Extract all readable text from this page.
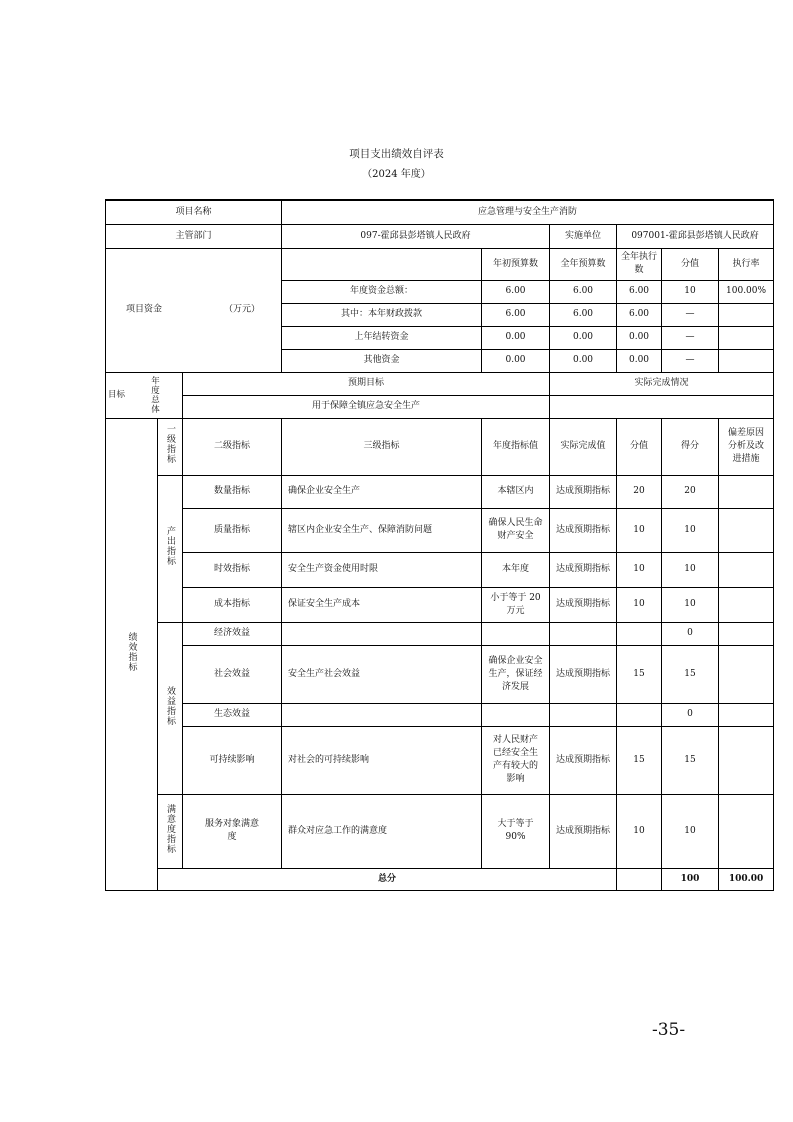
项目支出绩效自评表
（2024 年度）
项目名称			应急管理与安全生产消防						
主管部门			097-霍邱县彭塔镇人民政府		实施单位	097001-霍邱县彭塔镇人民政府			

项目资金 （万元）				年初预算数	全年预算数	全年执行数	分值	执行率	
			年度资金总额：	6.00	6.00	6.00	10	100.00%	
			其中：本年财政拨款	6.00	6.00	6.00	—		
			上年结转资金	0.00	0.00	0.00	—		
			其他资金	0.00	0.00	0.00	—		

目标 年度总体		预期目标			实际完成情况				
		用于保障全镇应急安全生产							
绩效指标	一级指标	二级指标	三级指标	年度指标值	实际完成值	分值	得分	偏差原因分析及改进措施	
	产出指标	数量指标	确保企业安全生产	本辖区内	达成预期指标	20	20		
		质量指标	辖区内企业安全生产、保障消防问题	确保人民生命财产安全	达成预期指标	10	10		
		时效指标	安全生产资金使用时限	本年度	达成预期指标	10	10		
		成本指标	保证安全生产成本	小于等于 20 万元	达成预期指标	10	10		
	效益指标	经济效益					0		
		社会效益	安全生产社会效益	确保企业安全生产，保证经济发展	达成预期指标	15	15		
		生态效益					0		
		可持续影响	对社会的可持续影响	对人民财产已经安全生产有较大的影响	达成预期指标	15	15		
	满意度指标	服务对象满意度	群众对应急工作的满意度	大于等于 90%	达成预期指标	10	10		
	总分						100	100.00	
-35-
